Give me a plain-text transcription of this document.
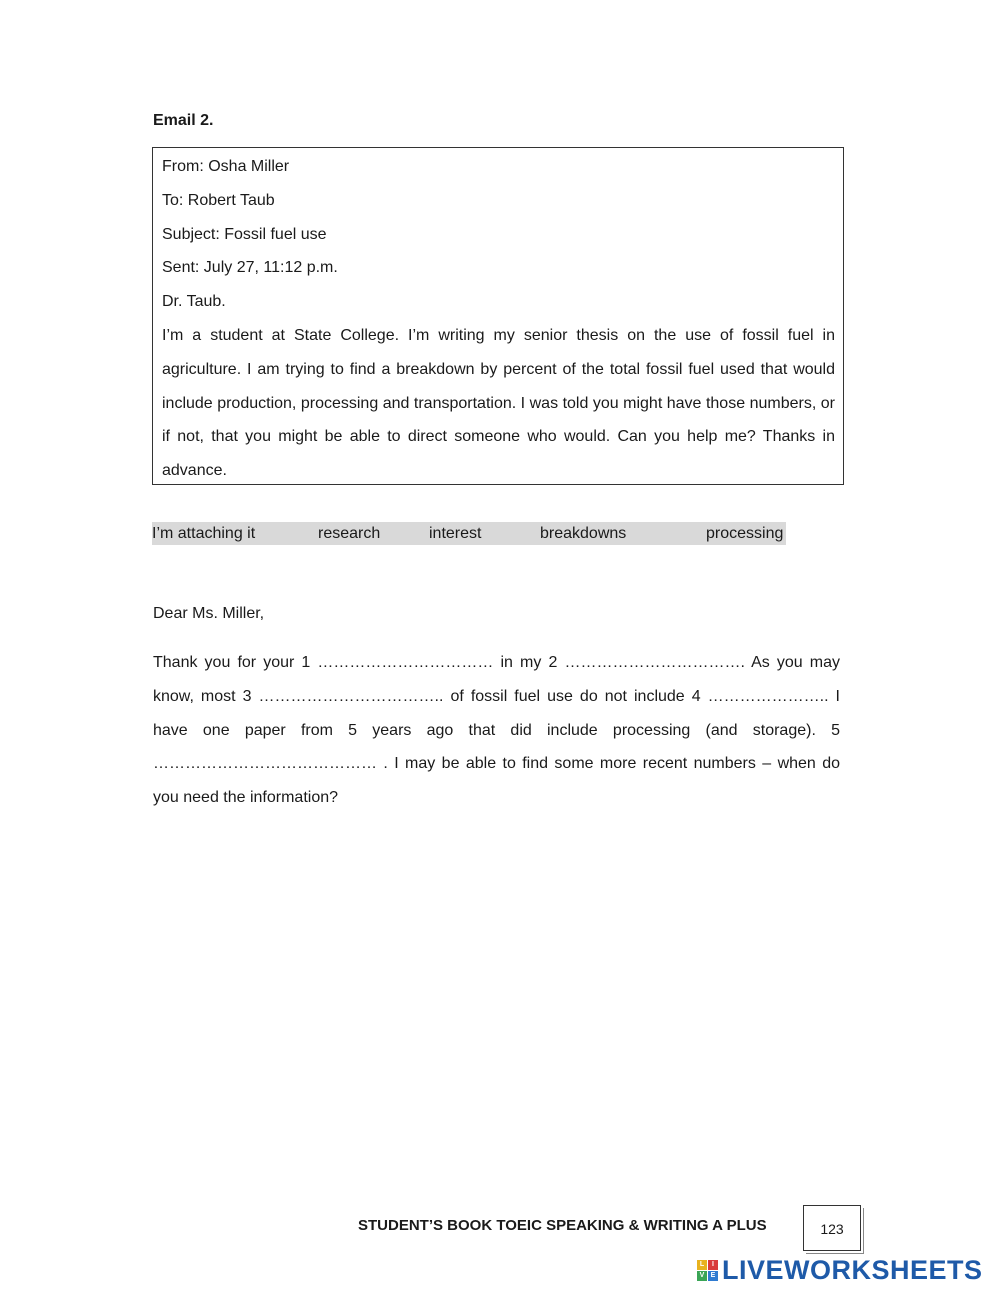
Email 2.
From: Osha Miller
To: Robert Taub
Subject: Fossil fuel use
Sent: July 27, 11:12 p.m.
Dr. Taub.
I’m a student at State College. I’m writing my senior thesis on the use of fossil fuel in agriculture. I am trying to find a breakdown by percent of the total fossil fuel used that would include production, processing and transportation. I was told you might have those numbers, or if not, that you might be able to direct someone who would. Can you help me? Thanks in advance.
I’m attaching it	research	interest	breakdowns	processing
Dear Ms. Miller,
Thank you for your 1 …………………………… in my 2 ……………………………. As you may know, most 3 …………………………….. of fossil fuel use do not include 4 ………………….. I have one paper from 5 years ago that did include processing (and storage). 5 …………………………………… . I may be able to find some more recent numbers – when do you need the information?
STUDENT’S BOOK TOEIC SPEAKING & WRITING A PLUS	123
L	I
V E LIVEWORKSHEETS
